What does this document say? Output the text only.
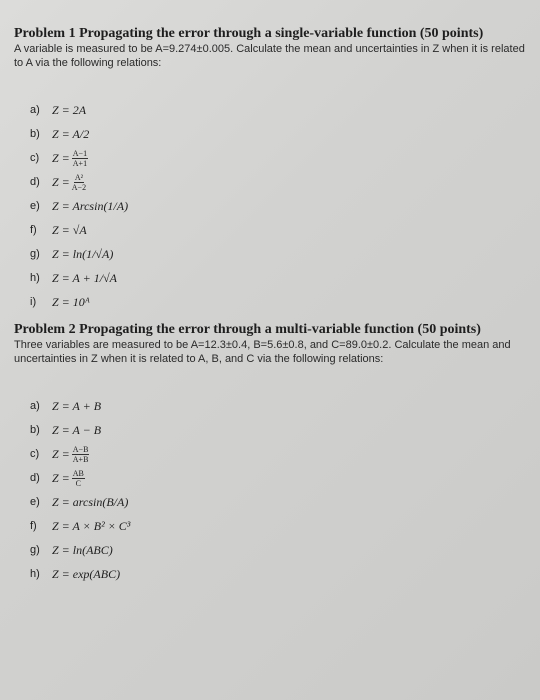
Problem 1 Propagating the error through a single-variable function (50 points)
A variable is measured to be A=9.274±0.005. Calculate the mean and uncertainties in Z when it is related to A via the following relations:
a)	Z = 2A
b)	Z = A/2
c)	$Z = \frac{A-1}{A+1}$
d)	$Z = \frac{\text{A²}}{A-2}$
e)	Z = Arcsin(1/A)
f)	Z = √A
g)	Z = ln(1/√A)
h)	Z = A + 1/√A
i)	Z = 10ᴬ
Problem 2 Propagating the error through a multi-variable function (50 points)
Three variables are measured to be A=12.3±0.4, B=5.6±0.8, and C=89.0±0.2. Calculate the mean and uncertainties in Z when it is related to A, B, and C via the following relations:
a)	Z = A + B
b)	Z = A − B
c)	$Z = \frac{A-B}{A+B}$
d)	$Z = \frac{AB}{C}$
e)	Z = arcsin(B/A)
f)	Z = A × B² × C³
g)	Z = ln(ABC)
h)	Z = exp(ABC)
